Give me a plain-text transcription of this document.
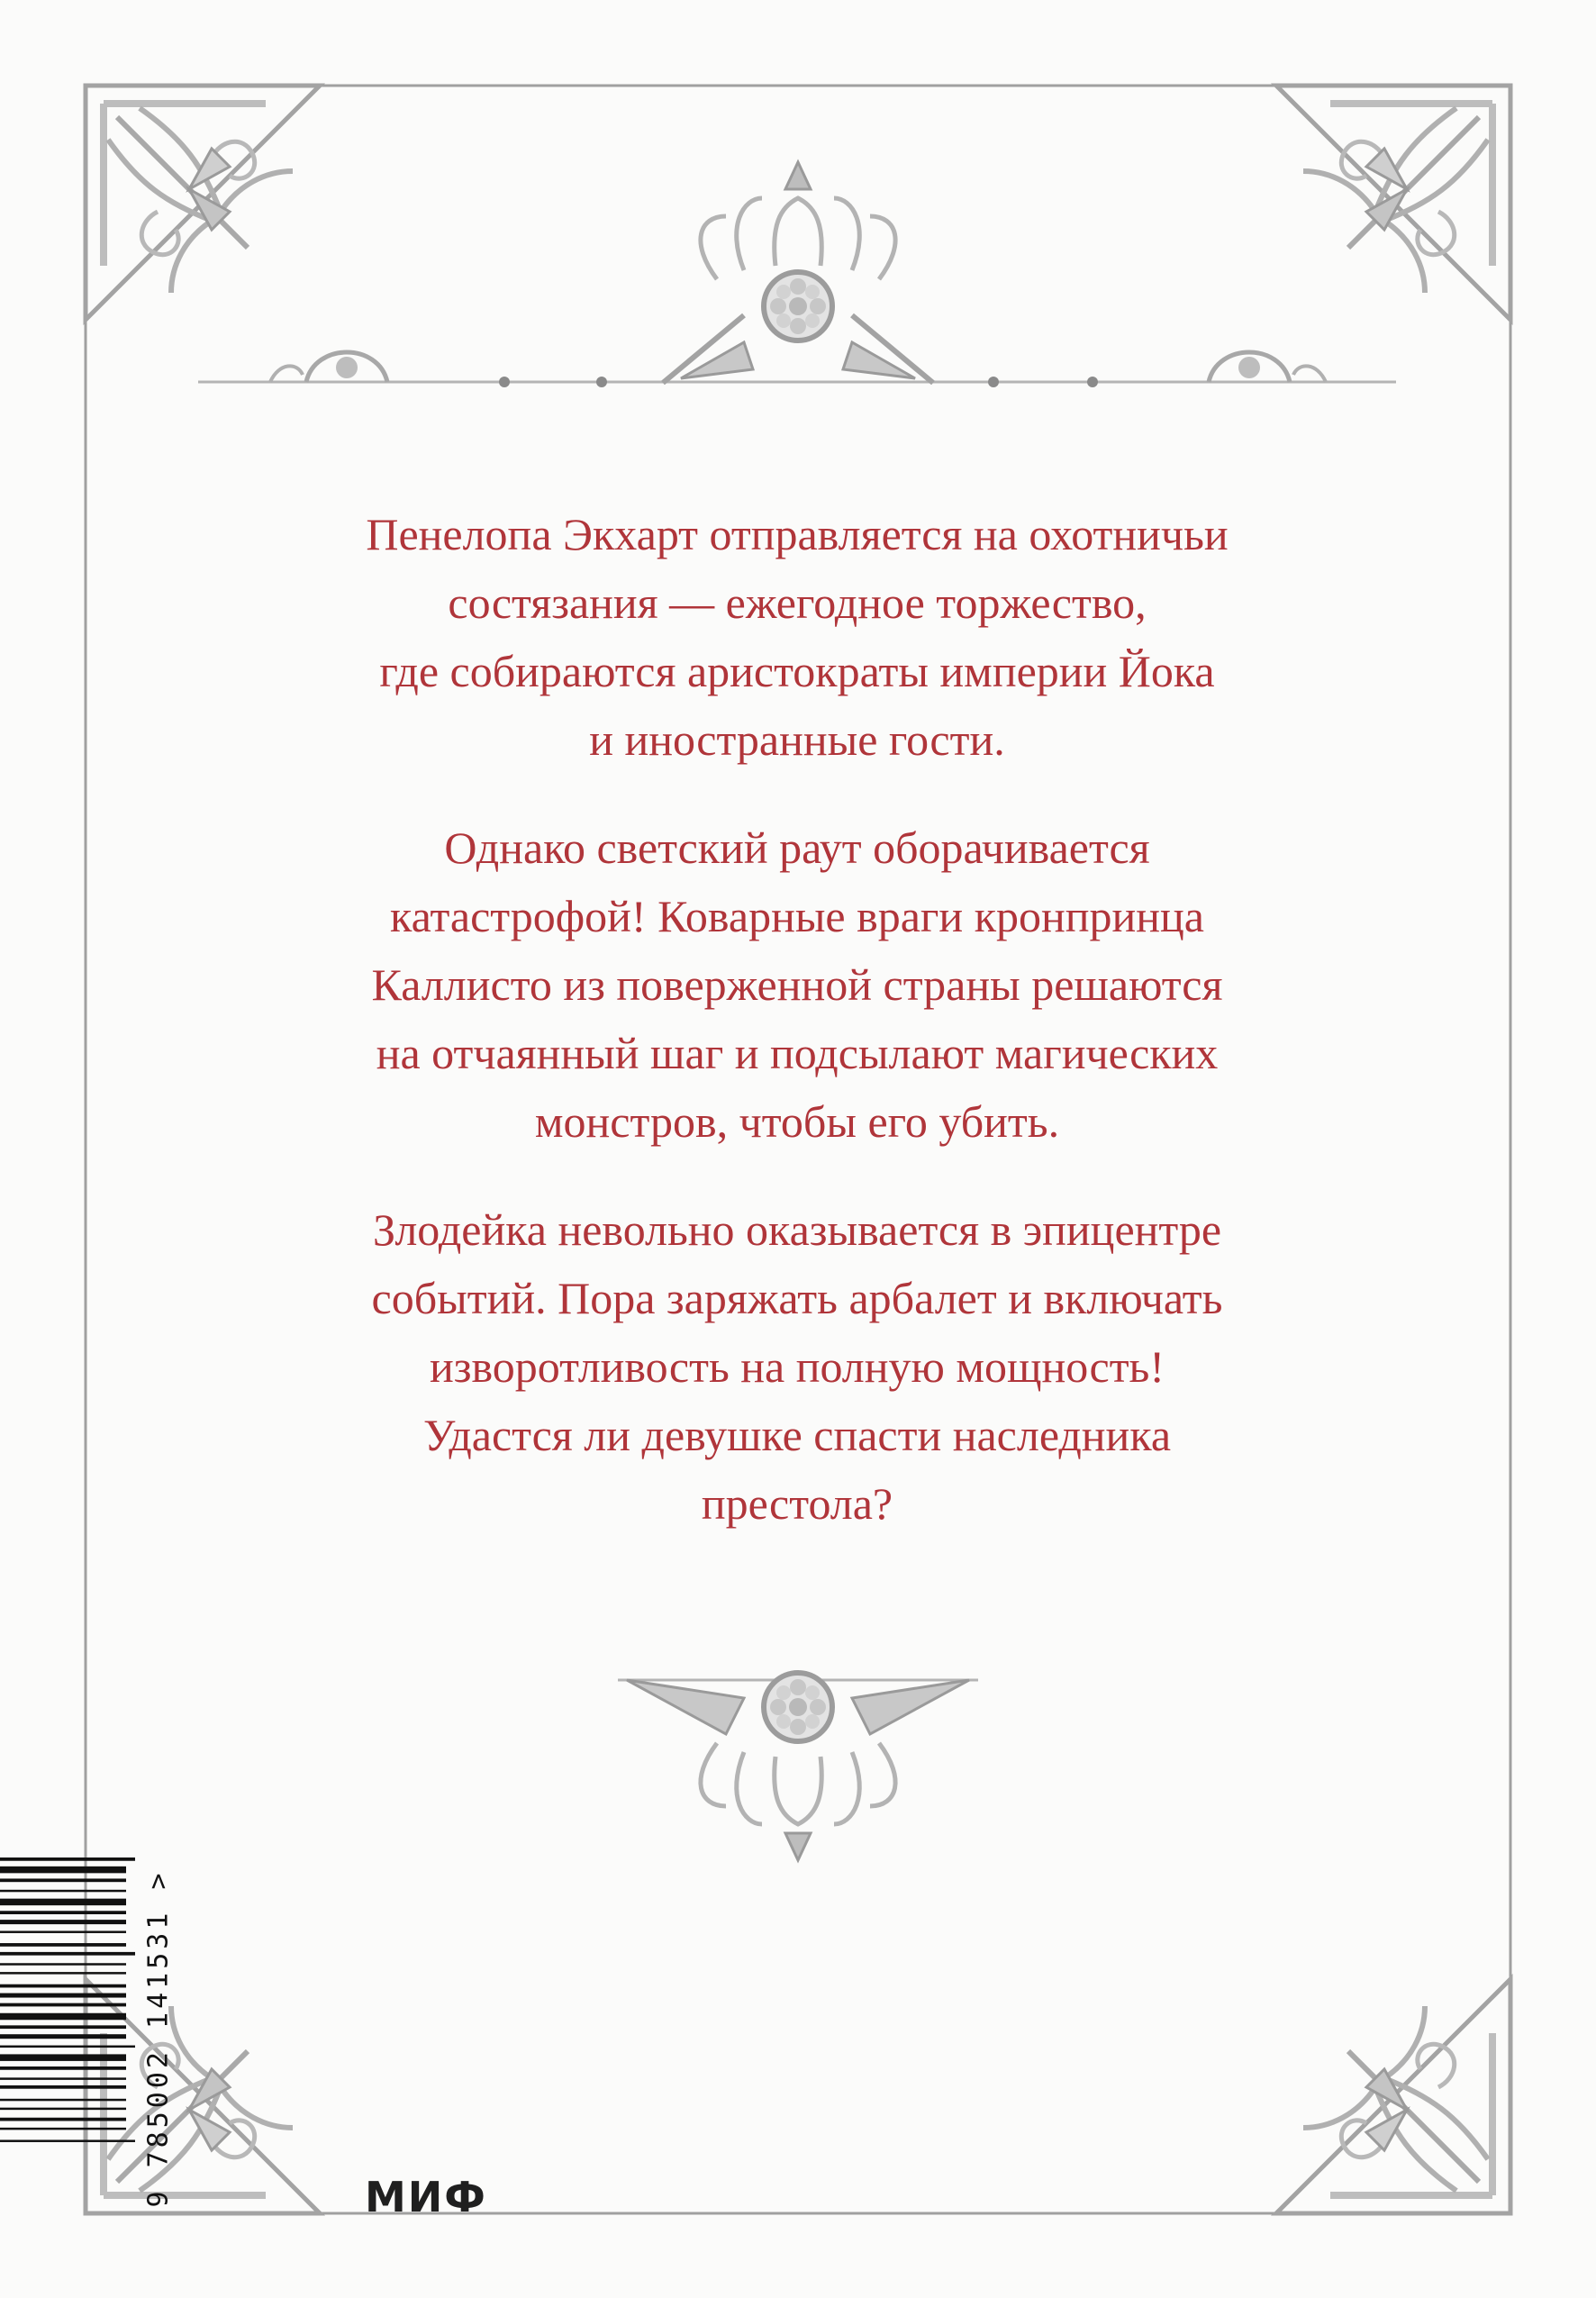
Пенелопа Экхарт отправляется на охотничьи
состязания — ежегодное торжество,
где собираются аристократы империи Йока
и иностранные гости.

Однако светский раут оборачивается
катастрофой! Коварные враги кронпринца
Каллисто из поверженной страны решаются
на отчаянный шаг и подсылают магических
монстров, чтобы его убить.

Злодейка невольно оказывается в эпицентре
событий. Пора заряжать арбалет и включать
изворотливость на полную мощность!
Удастся ли девушке спасти наследника
престола?

9 785002 141531 >
МИФ
